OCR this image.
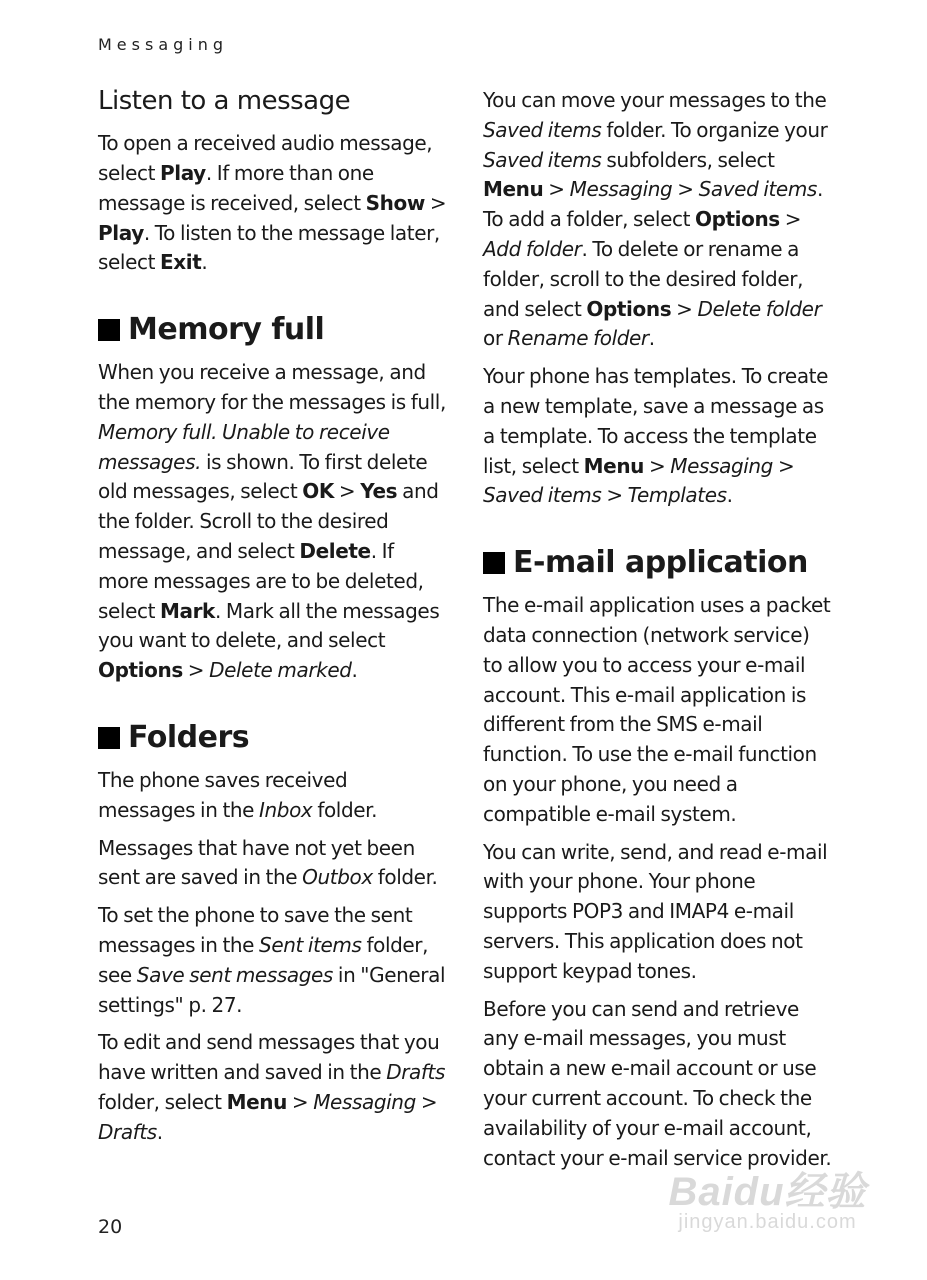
Messaging
Listen to a message

To open a received audio message, select Play. If more than one message is received, select Show > Play. To listen to the message later, select Exit.

Memory full

When you receive a message, and the memory for the messages is full, Memory full. Unable to receive messages. is shown. To first delete old messages, select OK > Yes and the folder. Scroll to the desired message, and select Delete. If more messages are to be deleted, select Mark. Mark all the messages you want to delete, and select Options > Delete marked.

Folders

The phone saves received messages in the Inbox folder.

Messages that have not yet been sent are saved in the Outbox folder.

To set the phone to save the sent messages in the Sent items folder, see Save sent messages in "General settings" p. 27.

To edit and send messages that you have written and saved in the Drafts folder, select Menu > Messaging > Drafts.

You can move your messages to the Saved items folder. To organize your Saved items subfolders, select Menu > Messaging > Saved items. To add a folder, select Options > Add folder. To delete or rename a folder, scroll to the desired folder, and select Options > Delete folder or Rename folder.

Your phone has templates. To create a new template, save a message as a template. To access the template list, select Menu > Messaging > Saved items > Templates.

E-mail application

The e-mail application uses a packet data connection (network service) to allow you to access your e-mail account. This e-mail application is different from the SMS e-mail function. To use the e-mail function on your phone, you need a compatible e-mail system.

You can write, send, and read e-mail with your phone. Your phone supports POP3 and IMAP4 e-mail servers. This application does not support keypad tones.

Before you can send and retrieve any e-mail messages, you must obtain a new e-mail account or use your current account. To check the availability of your e-mail account, contact your e-mail service provider.

20
Baidu经验
jingyan.baidu.com
